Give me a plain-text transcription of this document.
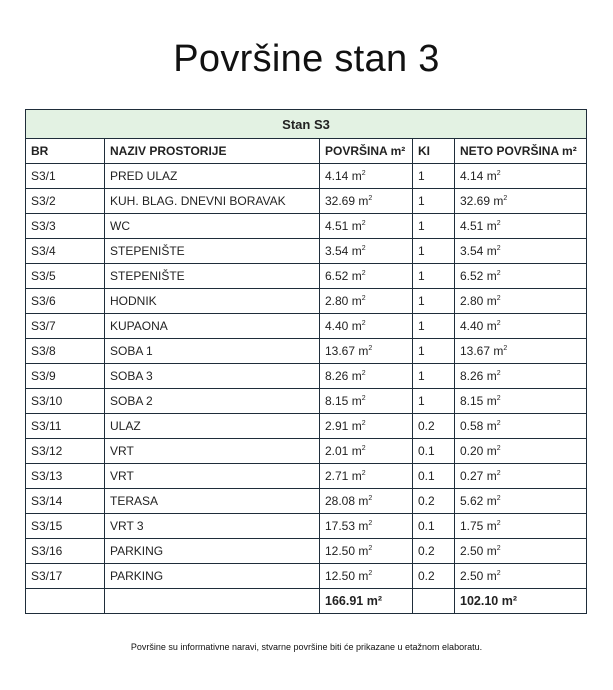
Površine stan 3
Stan S3				
BR	NAZIV PROSTORIJE	POVRŠINA m²	KI	NETO POVRŠINA m²
S3/1	PRED ULAZ	4.14 $m^2$	1	4.14 $m^2$
S3/2	KUH. BLAG. DNEVNI BORAVAK	32.69 $m^2$	1	32.69 $m^2$
S3/3	WC	4.51 $m^2$	1	4.51 $m^2$
S3/4	STEPENIŠTE	3.54 $m^2$	1	3.54 $m^2$
S3/5	STEPENIŠTE	6.52 $m^2$	1	6.52 $m^2$
S3/6	HODNIK	2.80 $m^2$	1	2.80 $m^2$
S3/7	KUPAONA	4.40 $m^2$	1	4.40 $m^2$
S3/8	SOBA 1	13.67 $m^2$	1	13.67 $m^2$
S3/9	SOBA 3	8.26 $m^2$	1	8.26 $m^2$
S3/10	SOBA 2	8.15 $m^2$	1	8.15 $m^2$
S3/11	ULAZ	2.91 $m^2$	0.2	0.58 $m^2$
S3/12	VRT	2.01 $m^2$	0.1	0.20 $m^2$
S3/13	VRT	2.71 $m^2$	0.1	0.27 $m^2$
S3/14	TERASA	28.08 $m^2$	0.2	5.62 $m^2$
S3/15	VRT 3	17.53 $m^2$	0.1	1.75 $m^2$
S3/16	PARKING	12.50 $m^2$	0.2	2.50 $m^2$
S3/17	PARKING	12.50 $m^2$	0.2	2.50 $m^2$
		166.91 m²		102.10 m²
Površine su informativne naravi, stvarne površine biti će prikazane u etažnom elaboratu.
